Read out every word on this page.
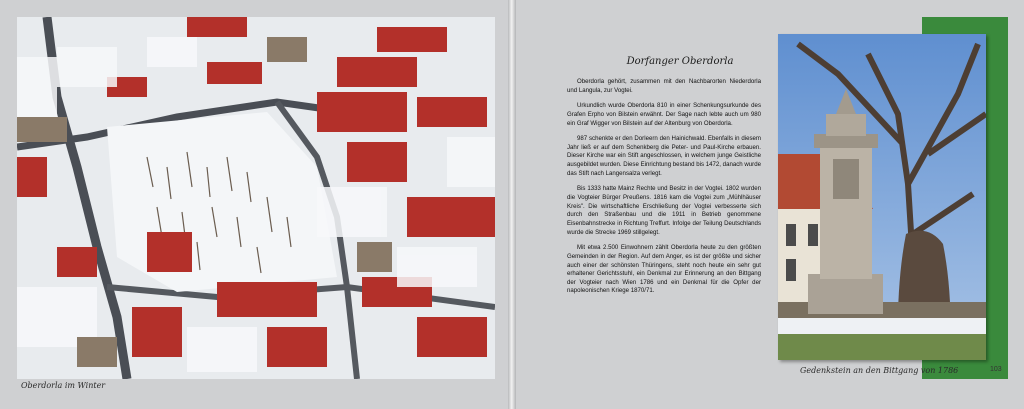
Oberdorla im Winter
Dorfanger Oberdorla

Oberdorla gehört, zusammen mit den Nachbarorten Niederdorla und Langula, zur Vogtei.

Urkundlich wurde Oberdorla 810 in einer Schenkungsurkunde des Grafen Erpho von Bilstein erwähnt. Der Sage nach lebte auch um 980 ein Graf Wigger von Bilstein auf der Altenburg von Oberdorla.

987 schenkte er den Dorleern den Hainichwald. Ebenfalls in diesem Jahr ließ er auf dem Schenkberg die Peter- und Paul-Kirche erbauen. Dieser Kirche war ein Stift angeschlossen, in welchem junge Geistliche ausgebildet wurden. Diese Einrichtung bestand bis 1472, danach wurde das Stift nach Langensalza verlegt.

Bis 1333 hatte Mainz Rechte und Besitz in der Vogtei. 1802 wurden die Vogteier Bürger Preußens. 1816 kam die Vogtei zum „Mühlhäuser Kreis". Die wirtschaftliche Erschließung der Vogtei verbesserte sich durch den Straßenbau und die 1911 in Betrieb genommene Eisenbahnstrecke in Richtung Treffurt. Infolge der Teilung Deutschlands wurde die Strecke 1969 stillgelegt.

Mit etwa 2.500 Einwohnern zählt Oberdorla heute zu den größten Gemeinden in der Region. Auf dem Anger, es ist der größte und sicher auch einer der schönsten Thüringens, steht noch heute ein sehr gut erhaltener Gerichtsstuhl, ein Denkmal zur Erinnerung an den Bittgang der Vogteier nach Wien 1786 und ein Denkmal für die Opfer der napoleonischen Kriege 1870/71.

Gedenkstein an den Bittgang von 1786	103
